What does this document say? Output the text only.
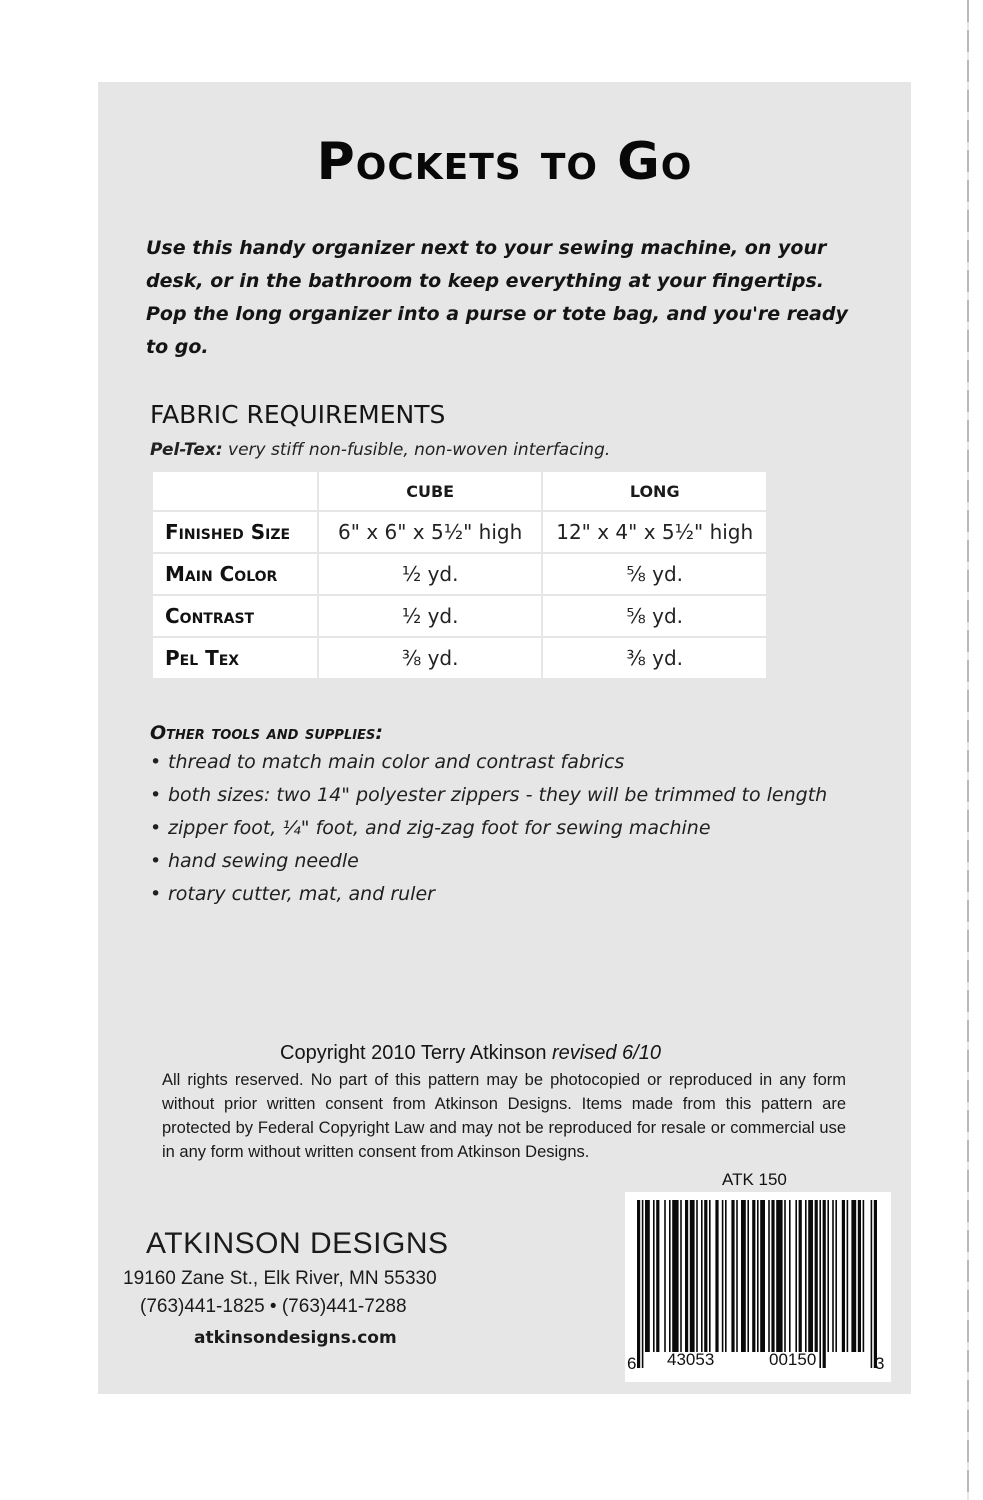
Pockets to Go
Use this handy organizer next to your sewing machine, on your desk, or in the bathroom to keep everything at your fingertips. Pop the long organizer into a purse or tote bag, and you're ready to go.
FABRIC REQUIREMENTS
Pel-Tex: very stiff non-fusible, non-woven interfacing.
	CUBE	LONG
Finished Size	6" x 6" x 5½" high	12" x 4" x 5½" high
Main Color	½ yd.	⅝ yd.
Contrast	½ yd.	⅝ yd.
Pel Tex	⅜ yd.	⅜ yd.
Other tools and supplies:
• thread to match main color and contrast fabrics
• both sizes: two 14" polyester zippers - they will be trimmed to length
• zipper foot, ¼" foot, and zig-zag foot for sewing machine
• hand sewing needle
• rotary cutter, mat, and ruler
Copyright 2010 Terry Atkinson revised 6/10
All rights reserved. No part of this pattern may be photocopied or reproduced in any form without prior written consent from Atkinson Designs. Items made from this pattern are protected by Federal Copyright Law and may not be reproduced for resale or commercial use in any form without written consent from Atkinson Designs.
ATK 150
6 43053	00150	3
ATKINSON DESIGNS
19160 Zane St., Elk River, MN 55330
(763)441-1825 • (763)441-7288
atkinsondesigns.com
